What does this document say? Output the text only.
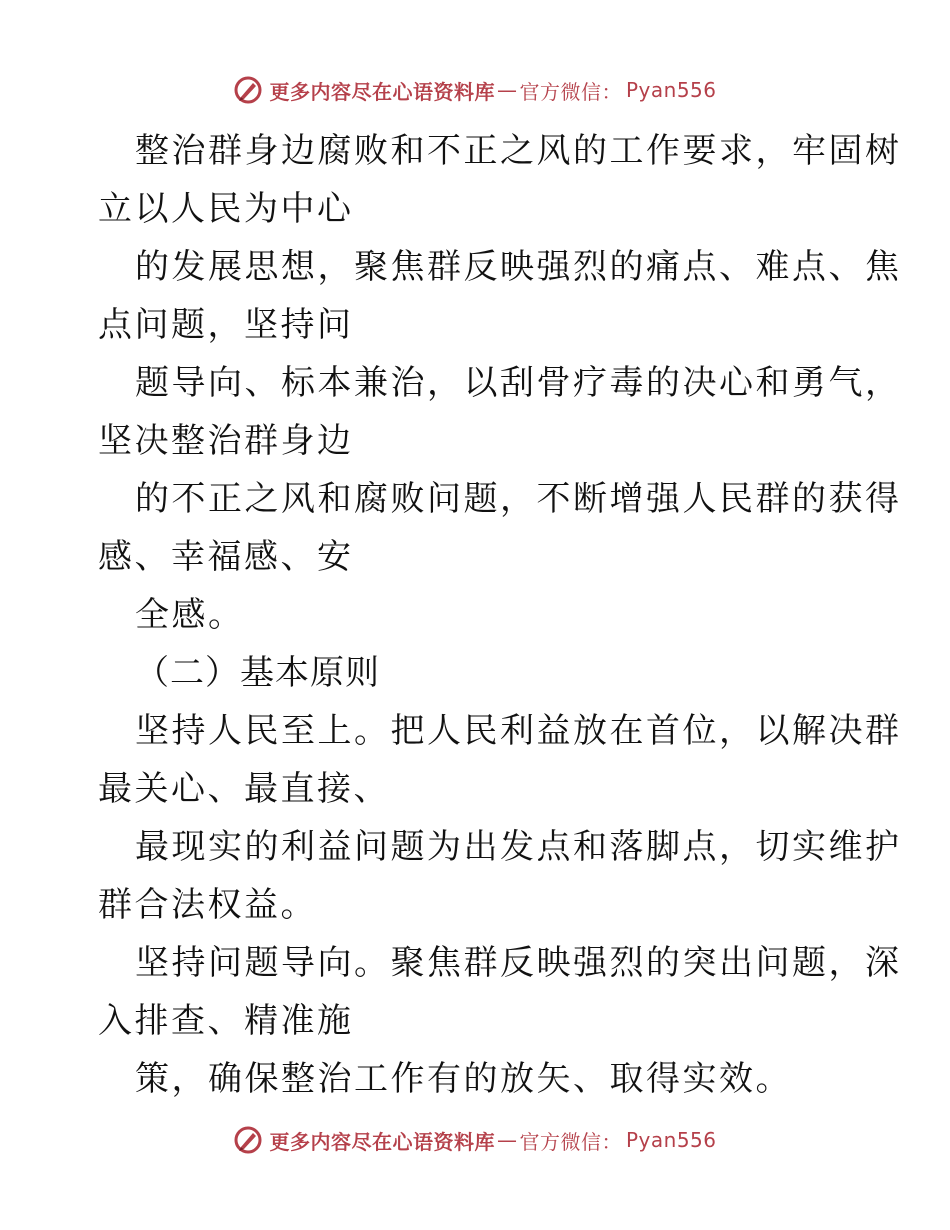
更多内容尽在心语资料库 — 官方微信： Pyan556
整治群身边腐败和不正之风的工作要求，牢固树
立以人民为中心
的发展思想，聚焦群反映强烈的痛点、难点、焦
点问题，坚持问
题导向、标本兼治，以刮骨疗毒的决心和勇气，
坚决整治群身边
的不正之风和腐败问题，不断增强人民群的获得
感、幸福感、安
全感。
（二）基本原则
坚持人民至上。把人民利益放在首位，以解决群
最关心、最直接、
最现实的利益问题为出发点和落脚点，切实维护
群合法权益。
坚持问题导向。聚焦群反映强烈的突出问题，深
入排查、精准施
策，确保整治工作有的放矢、取得实效。
更多内容尽在心语资料库 — 官方微信： Pyan556
